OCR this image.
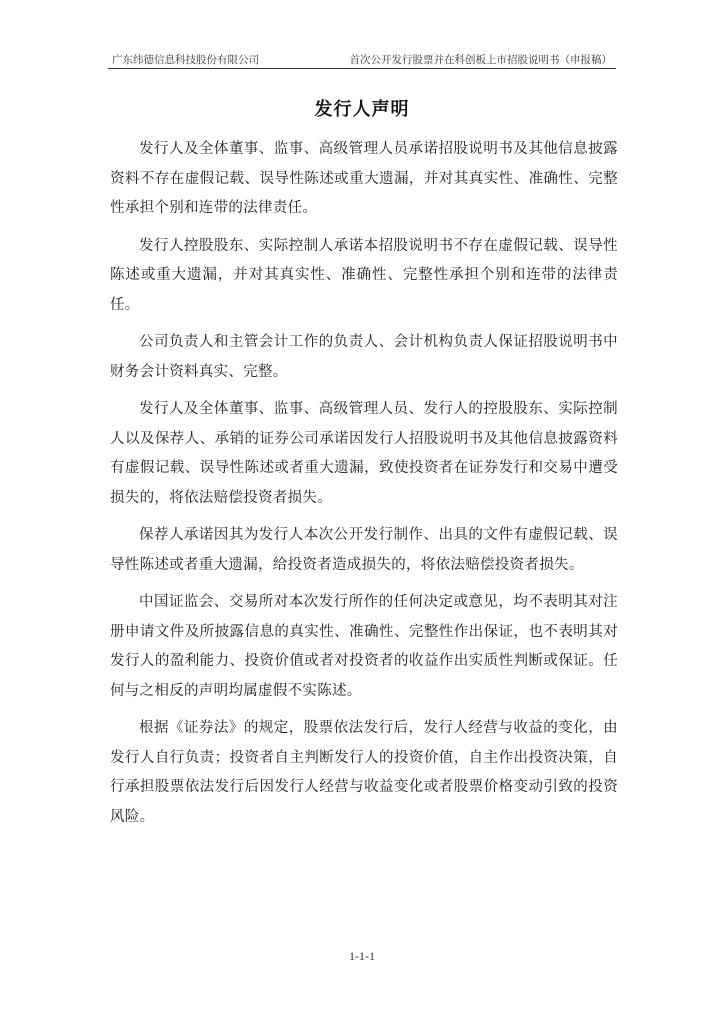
广东纬德信息科技股份有限公司	首次公开发行股票并在科创板上市招股说明书（申报稿）
发行人声明

发行人及全体董事、监事、高级管理人员承诺招股说明书及其他信息披露资料不存在虚假记载、误导性陈述或重大遗漏，并对其真实性、准确性、完整性承担个别和连带的法律责任。

发行人控股股东、实际控制人承诺本招股说明书不存在虚假记载、误导性陈述或重大遗漏，并对其真实性、准确性、完整性承担个别和连带的法律责任。

公司负责人和主管会计工作的负责人、会计机构负责人保证招股说明书中财务会计资料真实、完整。

发行人及全体董事、监事、高级管理人员、发行人的控股股东、实际控制人以及保荐人、承销的证券公司承诺因发行人招股说明书及其他信息披露资料有虚假记载、误导性陈述或者重大遗漏，致使投资者在证券发行和交易中遭受损失的，将依法赔偿投资者损失。

保荐人承诺因其为发行人本次公开发行制作、出具的文件有虚假记载、误导性陈述或者重大遗漏，给投资者造成损失的，将依法赔偿投资者损失。

中国证监会、交易所对本次发行所作的任何决定或意见，均不表明其对注册申请文件及所披露信息的真实性、准确性、完整性作出保证，也不表明其对发行人的盈利能力、投资价值或者对投资者的收益作出实质性判断或保证。任何与之相反的声明均属虚假不实陈述。

根据《证券法》的规定，股票依法发行后，发行人经营与收益的变化，由发行人自行负责；投资者自主判断发行人的投资价值，自主作出投资决策，自行承担股票依法发行后因发行人经营与收益变化或者股票价格变动引致的投资风险。

1-1-1
